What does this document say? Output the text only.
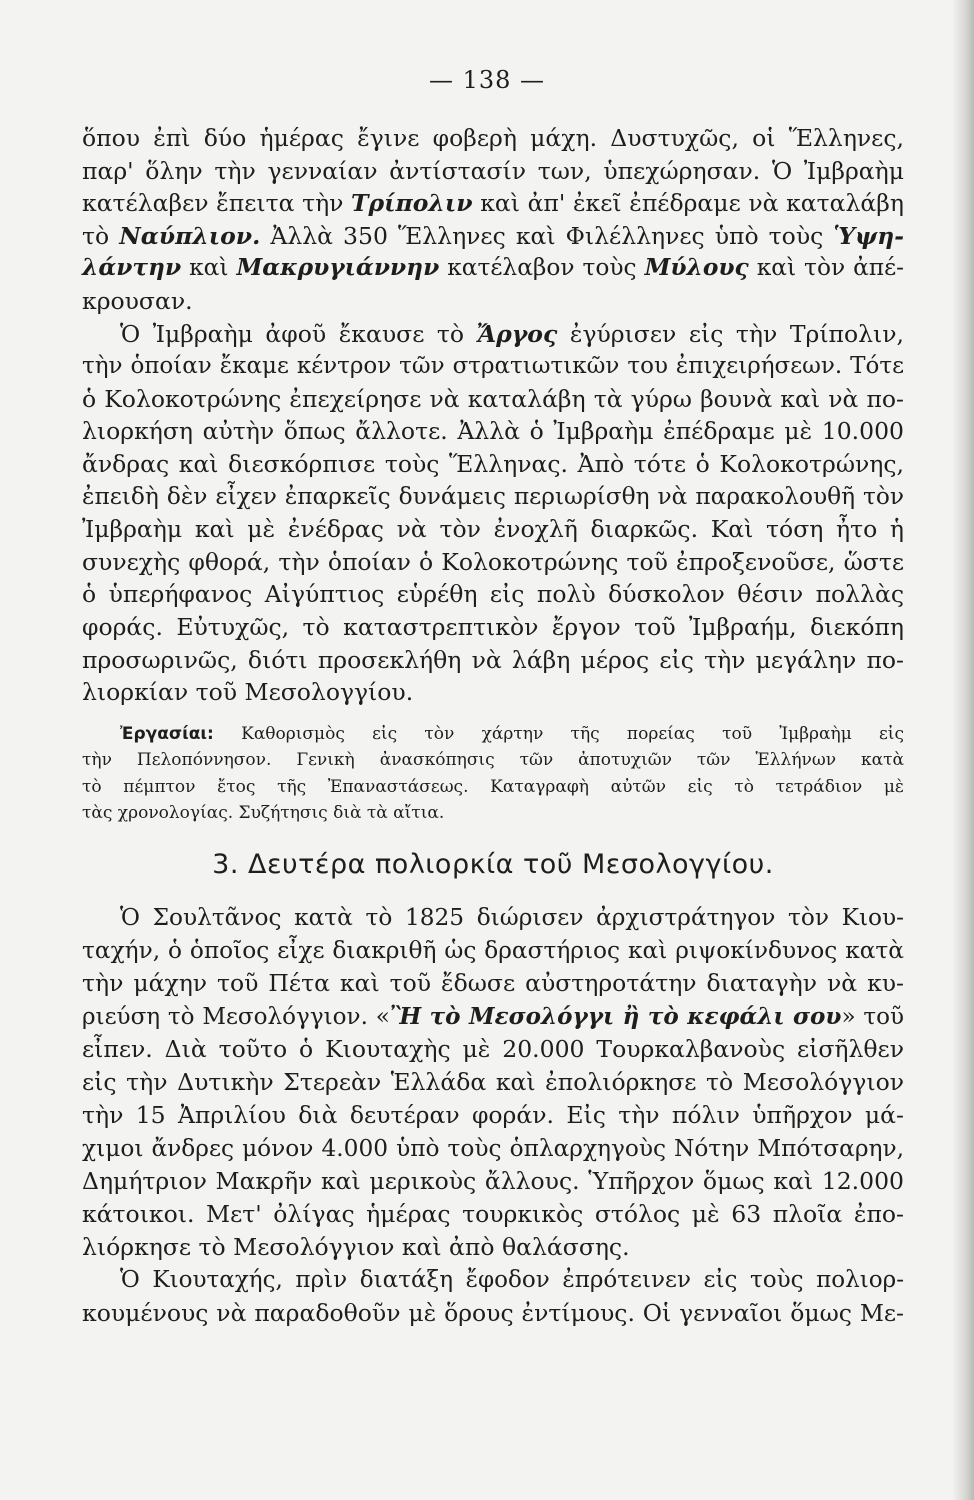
— 138 —
ὅπου ἐπὶ δύο ἡμέρας ἔγινε φοβερὴ μάχη. Δυστυχῶς, οἱ Ἕλληνες,
παρ' ὅλην τὴν γενναίαν ἀντίστασίν των, ὑπεχώρησαν. Ὁ Ἰμβραὴμ
κατέλαβεν ἔπειτα τὴν Τρίπολιν καὶ ἀπ' ἐκεῖ ἐπέδραμε νὰ καταλάβη
τὸ Ναύπλιον. Ἀλλὰ 350 Ἕλληνες καὶ Φιλέλληνες ὑπὸ τοὺς Ὑψη-
λάντην καὶ Μακρυγιάννην κατέλαβον τοὺς Μύλους καὶ τὸν ἀπέ-
κρουσαν.
Ὁ Ἰμβραὴμ ἀφοῦ ἔκαυσε τὸ Ἄργος ἐγύρισεν εἰς τὴν Τρίπολιν,
τὴν ὁποίαν ἔκαμε κέντρον τῶν στρατιωτικῶν του ἐπιχειρήσεων. Τότε
ὁ Κολοκοτρώνης ἐπεχείρησε νὰ καταλάβη τὰ γύρω βουνὰ καὶ νὰ πο-
λιορκήση αὐτὴν ὅπως ἄλλοτε. Ἀλλὰ ὁ Ἰμβραὴμ ἐπέδραμε μὲ 10.000
ἄνδρας καὶ διεσκόρπισε τοὺς Ἕλληνας. Ἀπὸ τότε ὁ Κολοκοτρώνης,
ἐπειδὴ δὲν εἶχεν ἐπαρκεῖς δυνάμεις περιωρίσθη νὰ παρακολουθῆ τὸν
Ἰμβραὴμ καὶ μὲ ἐνέδρας νὰ τὸν ἐνοχλῆ διαρκῶς. Καὶ τόση ἦτο ἡ
συνεχὴς φθορά, τὴν ὁποίαν ὁ Κολοκοτρώνης τοῦ ἐπροξενοῦσε, ὥστε
ὁ ὑπερήφανος Αἰγύπτιος εὑρέθη εἰς πολὺ δύσκολον θέσιν πολλὰς
φοράς. Εὐτυχῶς, τὸ καταστρεπτικὸν ἔργον τοῦ Ἰμβραήμ, διεκόπη
προσωρινῶς, διότι προσεκλήθη νὰ λάβη μέρος εἰς τὴν μεγάλην πο-
λιορκίαν τοῦ Μεσολογγίου.
Ἐργασίαι: Καθορισμὸς εἰς τὸν χάρτην τῆς πορείας τοῦ Ἰμβραὴμ εἰς
τὴν Πελοπόννησον. Γενικὴ ἀνασκόπησις τῶν ἀποτυχιῶν τῶν Ἑλλήνων κατὰ
τὸ πέμπτον ἔτος τῆς Ἐπαναστάσεως. Καταγραφὴ αὐτῶν εἰς τὸ τετράδιον μὲ
τὰς χρονολογίας. Συζήτησις διὰ τὰ αἴτια.
3. Δευτέρα πολιορκία τοῦ Μεσολογγίου.
Ὁ Σουλτᾶνος κατὰ τὸ 1825 διώρισεν ἀρχιστράτηγον τὸν Κιου-
ταχήν, ὁ ὁποῖος εἶχε διακριθῆ ὡς δραστήριος καὶ ριψοκίνδυνος κατὰ
τὴν μάχην τοῦ Πέτα καὶ τοῦ ἔδωσε αὐστηροτάτην διαταγὴν νὰ κυ-
ριεύση τὸ Μεσολόγγιον. «Ἢ τὸ Μεσολόγγι ἢ τὸ κεφάλι σου» τοῦ
εἶπεν. Διὰ τοῦτο ὁ Κιουταχὴς μὲ 20.000 Τουρκαλβανοὺς εἰσῆλθεν
εἰς τὴν Δυτικὴν Στερεὰν Ἑλλάδα καὶ ἐπολιόρκησε τὸ Μεσολόγγιον
τὴν 15 Ἀπριλίου διὰ δευτέραν φοράν. Εἰς τὴν πόλιν ὑπῆρχον μά-
χιμοι ἄνδρες μόνον 4.000 ὑπὸ τοὺς ὁπλαρχηγοὺς Νότην Μπότσαρην,
Δημήτριον Μακρῆν καὶ μερικοὺς ἄλλους. Ὑπῆρχον ὅμως καὶ 12.000
κάτοικοι. Μετ' ὀλίγας ἡμέρας τουρκικὸς στόλος μὲ 63 πλοῖα ἐπο-
λιόρκησε τὸ Μεσολόγγιον καὶ ἀπὸ θαλάσσης.
Ὁ Κιουταχής, πρὶν διατάξη ἔφοδον ἐπρότεινεν εἰς τοὺς πολιορ-
κουμένους νὰ παραδοθοῦν μὲ ὅρους ἐντίμους. Οἱ γενναῖοι ὅμως Με-
